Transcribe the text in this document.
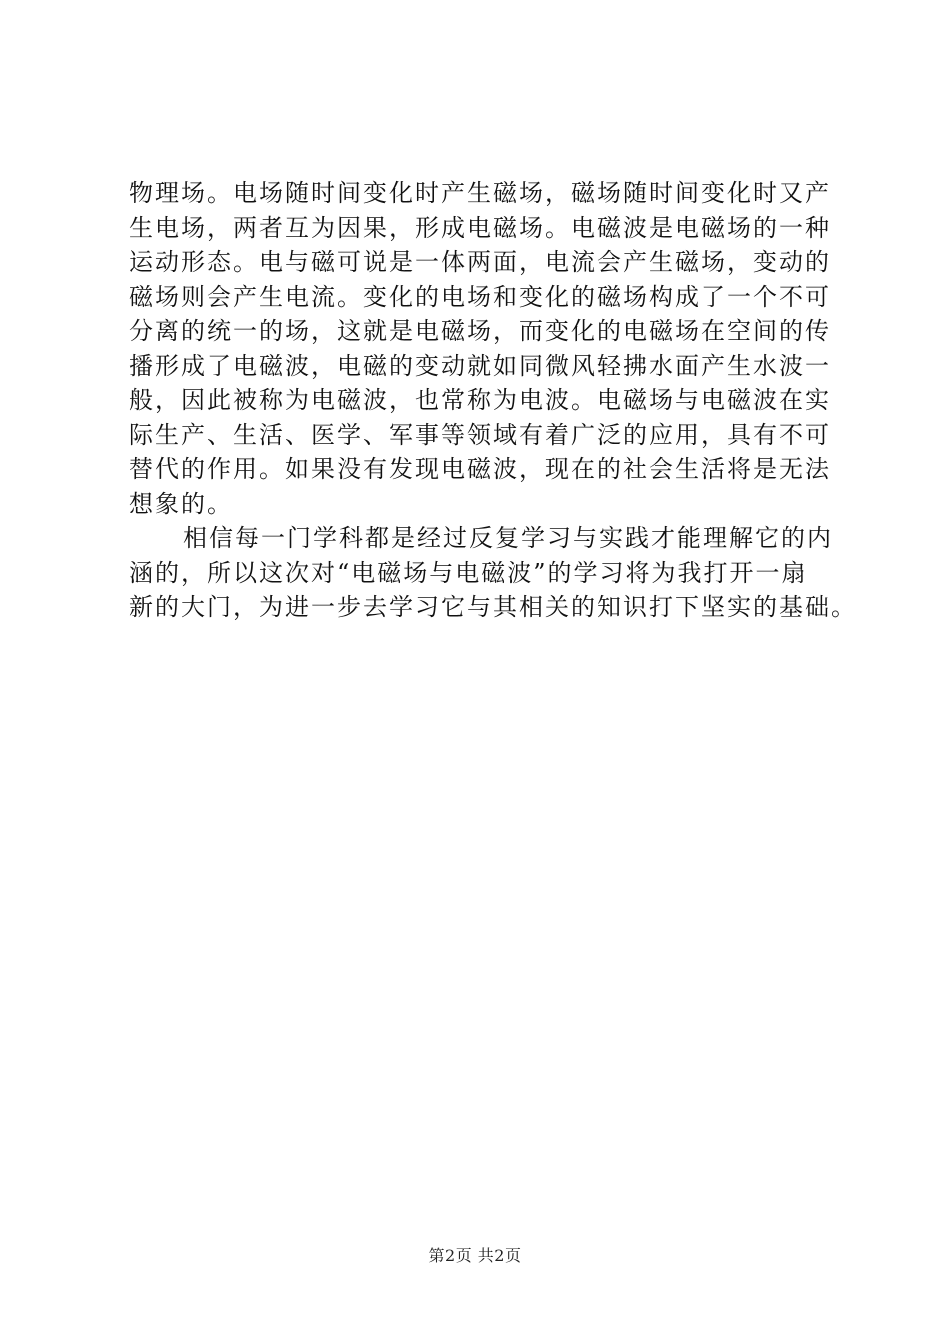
物理场。电场随时间变化时产生磁场，磁场随时间变化时又产
生电场，两者互为因果，形成电磁场。电磁波是电磁场的一种
运动形态。电与磁可说是一体两面，电流会产生磁场，变动的
磁场则会产生电流。变化的电场和变化的磁场构成了一个不可
分离的统一的场，这就是电磁场，而变化的电磁场在空间的传
播形成了电磁波，电磁的变动就如同微风轻拂水面产生水波一
般，因此被称为电磁波，也常称为电波。电磁场与电磁波在实
际生产、生活、医学、军事等领域有着广泛的应用，具有不可
替代的作用。如果没有发现电磁波，现在的社会生活将是无法
想象的。
相信每一门学科都是经过反复学习与实践才能理解它的内
涵的，所以这次对“电磁场与电磁波”的学习将为我打开一扇
新的大门，为进一步去学习它与其相关的知识打下坚实的基础。
第2页 共2页
